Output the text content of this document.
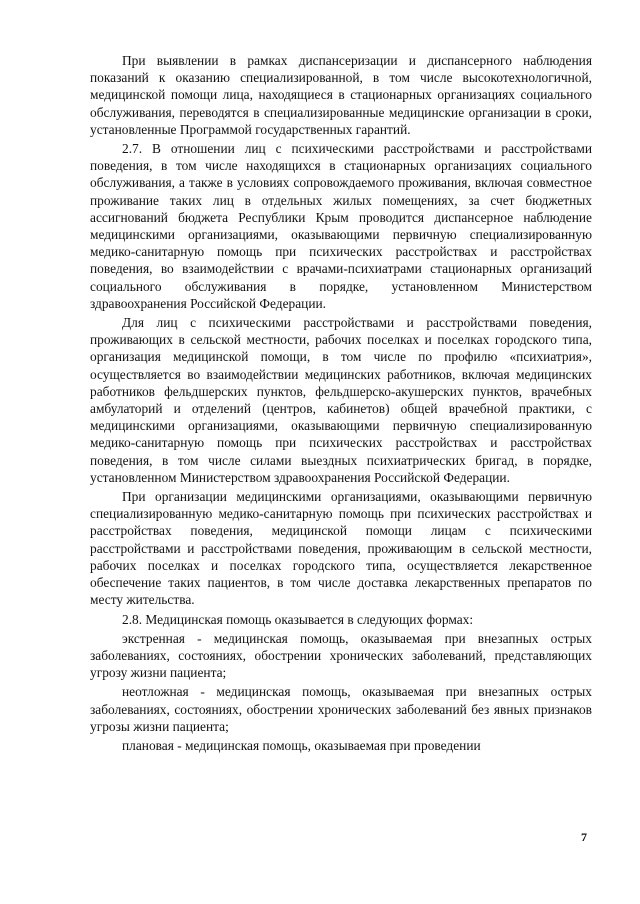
При выявлении в рамках диспансеризации и диспансерного наблюдения показаний к оказанию специализированной, в том числе высокотехнологичной, медицинской помощи лица, находящиеся в стационарных организациях социального обслуживания, переводятся в специализированные медицинские организации в сроки, установленные Программой государственных гарантий.

2.7. В отношении лиц с психическими расстройствами и расстройствами поведения, в том числе находящихся в стационарных организациях социального обслуживания, а также в условиях сопровождаемого проживания, включая совместное проживание таких лиц в отдельных жилых помещениях, за счет бюджетных ассигнований бюджета Республики Крым проводится диспансерное наблюдение медицинскими организациями, оказывающими первичную специализированную медико-санитарную помощь при психических расстройствах и расстройствах поведения, во взаимодействии с врачами-психиатрами стационарных организаций социального обслуживания в порядке, установленном Министерством здравоохранения Российской Федерации.

Для лиц с психическими расстройствами и расстройствами поведения, проживающих в сельской местности, рабочих поселках и поселках городского типа, организация медицинской помощи, в том числе по профилю «психиатрия», осуществляется во взаимодействии медицинских работников, включая медицинских работников фельдшерских пунктов, фельдшерско-акушерских пунктов, врачебных амбулаторий и отделений (центров, кабинетов) общей врачебной практики, с медицинскими организациями, оказывающими первичную специализированную медико-санитарную помощь при психических расстройствах и расстройствах поведения, в том числе силами выездных психиатрических бригад, в порядке, установленном Министерством здравоохранения Российской Федерации.

При организации медицинскими организациями, оказывающими первичную специализированную медико-санитарную помощь при психических расстройствах и расстройствах поведения, медицинской помощи лицам с психическими расстройствами и расстройствами поведения, проживающим в сельской местности, рабочих поселках и поселках городского типа, осуществляется лекарственное обеспечение таких пациентов, в том числе доставка лекарственных препаратов по месту жительства.

2.8. Медицинская помощь оказывается в следующих формах:

экстренная - медицинская помощь, оказываемая при внезапных острых заболеваниях, состояниях, обострении хронических заболеваний, представляющих угрозу жизни пациента;

неотложная - медицинская помощь, оказываемая при внезапных острых заболеваниях, состояниях, обострении хронических заболеваний без явных признаков угрозы жизни пациента;

плановая - медицинская помощь, оказываемая при проведении

7
